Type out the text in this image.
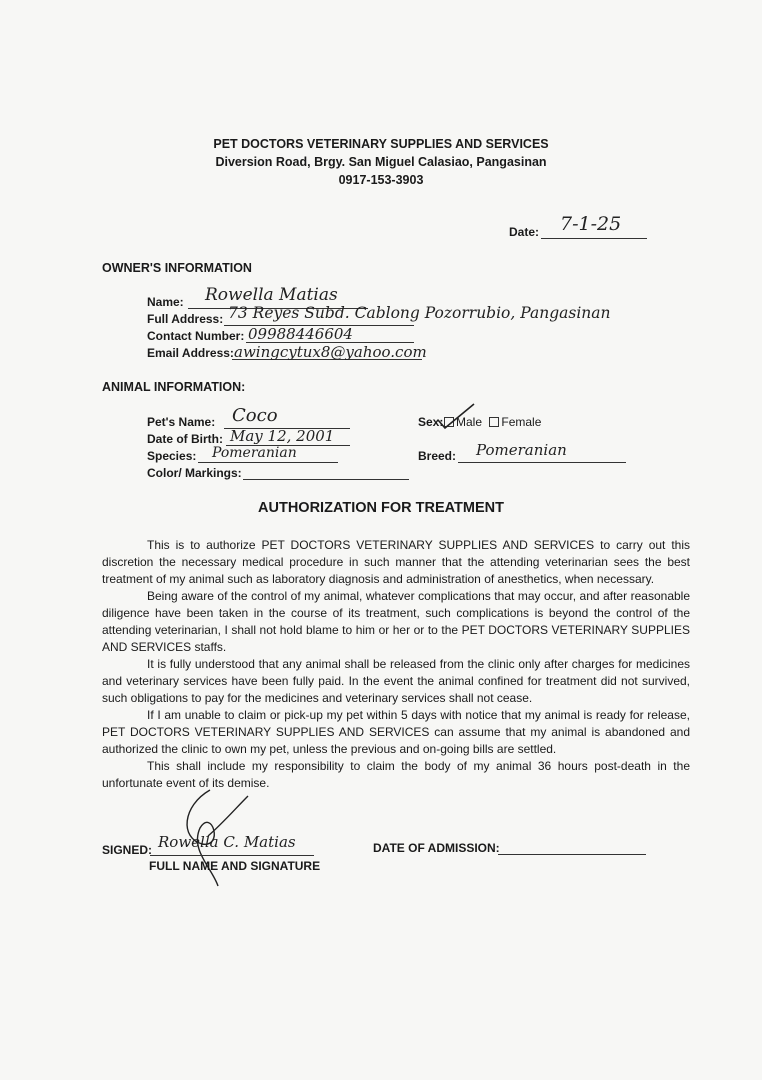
PET DOCTORS VETERINARY SUPPLIES AND SERVICES
Diversion Road, Brgy. San Miguel Calasiao, Pangasinan
0917-153-3903
Date: 7-1-25
OWNER'S INFORMATION
Name: Rowella Matias
Full Address: 73 Reyes Subd. Cablong Pozorrubio, Pangasinan
Contact Number: 09988446604
Email Address: awingcytux8@yahoo.com
ANIMAL INFORMATION:
Pet's Name: Coco
Date of Birth: May 12, 2001
Species: Pomeranian
Color/ Markings:
Sex:	Male Female
Breed: Pomeranian
AUTHORIZATION FOR TREATMENT

This is to authorize PET DOCTORS VETERINARY SUPPLIES AND SERVICES to carry out this discretion the necessary medical procedure in such manner that the attending veterinarian sees the best treatment of my animal such as laboratory diagnosis and administration of anesthetics, when necessary.

Being aware of the control of my animal, whatever complications that may occur, and after reasonable diligence have been taken in the course of its treatment, such complications is beyond the control of the attending veterinarian, I shall not hold blame to him or her or to the PET DOCTORS VETERINARY SUPPLIES AND SERVICES staffs.

It is fully understood that any animal shall be released from the clinic only after charges for medicines and veterinary services have been fully paid. In the event the animal confined for treatment did not survived, such obligations to pay for the medicines and veterinary services shall not cease.

If I am unable to claim or pick-up my pet within 5 days with notice that my animal is ready for release, PET DOCTORS VETERINARY SUPPLIES AND SERVICES can assume that my animal is abandoned and authorized the clinic to own my pet, unless the previous and on-going bills are settled.

This shall include my responsibility to claim the body of my animal 36 hours post-death in the unfortunate event of its demise.

SIGNED: Rowella C. Matias
FULL NAME AND SIGNATURE
DATE OF ADMISSION:
